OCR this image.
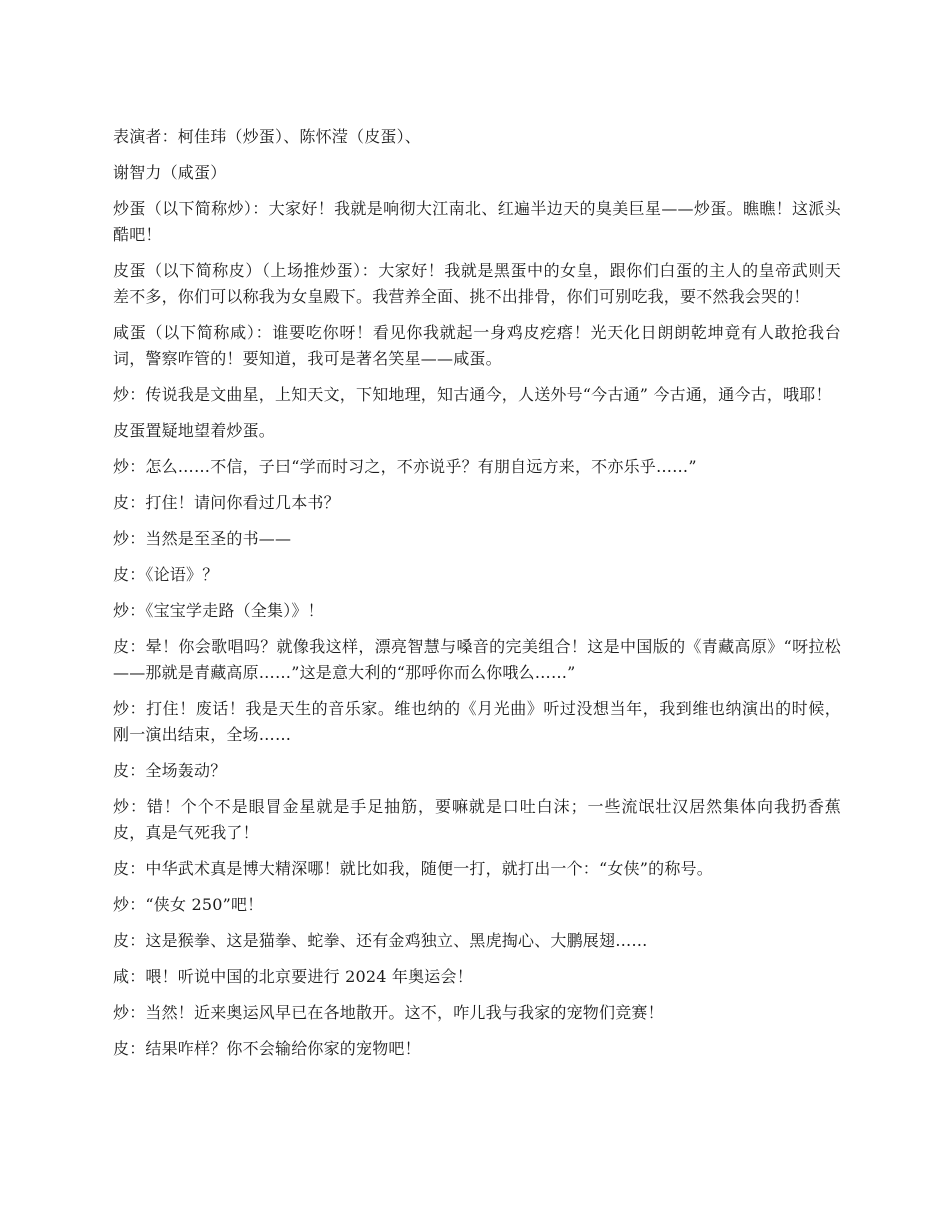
表演者：柯佳玮（炒蛋）、陈怀滢（皮蛋）、

谢智力（咸蛋）

炒蛋（以下简称炒）：大家好！我就是响彻大江南北、红遍半边天的臭美巨星——炒蛋。瞧瞧！这派头酷吧！

皮蛋（以下简称皮）（上场推炒蛋）：大家好！我就是黑蛋中的女皇，跟你们白蛋的主人的皇帝武则天差不多，你们可以称我为女皇殿下。我营养全面、挑不出排骨，你们可别吃我，要不然我会哭的！

咸蛋（以下简称咸）：谁要吃你呀！看见你我就起一身鸡皮疙瘩！光天化日朗朗乾坤竟有人敢抢我台词，警察咋管的！要知道，我可是著名笑星——咸蛋。

炒：传说我是文曲星，上知天文，下知地理，知古通今，人送外号“今古通” 今古通，通今古，哦耶！

皮蛋置疑地望着炒蛋。

炒：怎么……不信，子曰“学而时习之，不亦说乎？有朋自远方来，不亦乐乎……”

皮：打住！请问你看过几本书？

炒：当然是至圣的书——

皮：《论语》？

炒：《宝宝学走路（全集）》！

皮：晕！你会歌唱吗？就像我这样，漂亮智慧与嗓音的完美组合！这是中国版的《青藏高原》“呀拉松——那就是青藏高原……”这是意大利的“那呼你而么你哦么……”

炒：打住！废话！我是天生的音乐家。维也纳的《月光曲》听过没想当年，我到维也纳演出的时候，刚一演出结束，全场……

皮：全场轰动？

炒：错！个个不是眼冒金星就是手足抽筋，要嘛就是口吐白沫；一些流氓壮汉居然集体向我扔香蕉皮，真是气死我了！

皮：中华武术真是博大精深哪！就比如我，随便一打，就打出一个：“女侠”的称号。

炒：“侠女 250”吧！

皮：这是猴拳、这是猫拳、蛇拳、还有金鸡独立、黑虎掏心、大鹏展翅……

咸：喂！听说中国的北京要进行 2024 年奥运会！

炒：当然！近来奥运风早已在各地散开。这不，咋儿我与我家的宠物们竞赛！

皮：结果咋样？你不会输给你家的宠物吧！
